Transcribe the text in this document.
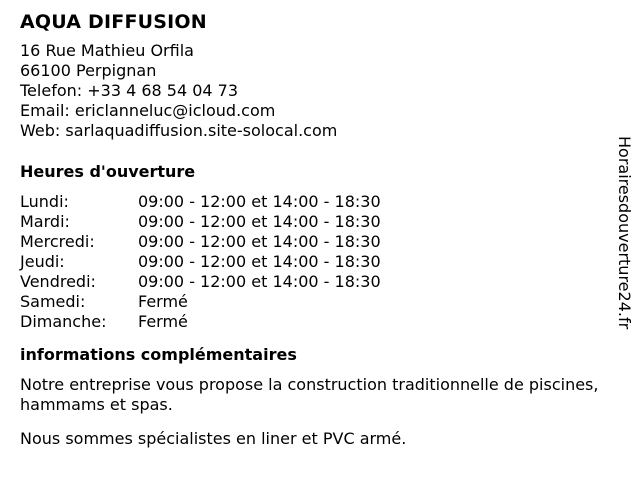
AQUA DIFFUSION
16 Rue Mathieu Orfila
66100 Perpignan
Telefon: +33 4 68 54 04 73
Email: ericlanneluc@icloud.com
Web: sarlaquadiffusion.site-solocal.com
Heures d'ouverture
Lundi:	09:00 - 12:00 et 14:00 - 18:30
Mardi:	09:00 - 12:00 et 14:00 - 18:30
Mercredi:	09:00 - 12:00 et 14:00 - 18:30
Jeudi:	09:00 - 12:00 et 14:00 - 18:30
Vendredi:	09:00 - 12:00 et 14:00 - 18:30
Samedi:	Fermé
Dimanche:	Fermé
informations complémentaires
Notre entreprise vous propose la construction traditionnelle de piscines, hammams et spas.
Nous sommes spécialistes en liner et PVC armé.
Horairesdouverture24.fr
